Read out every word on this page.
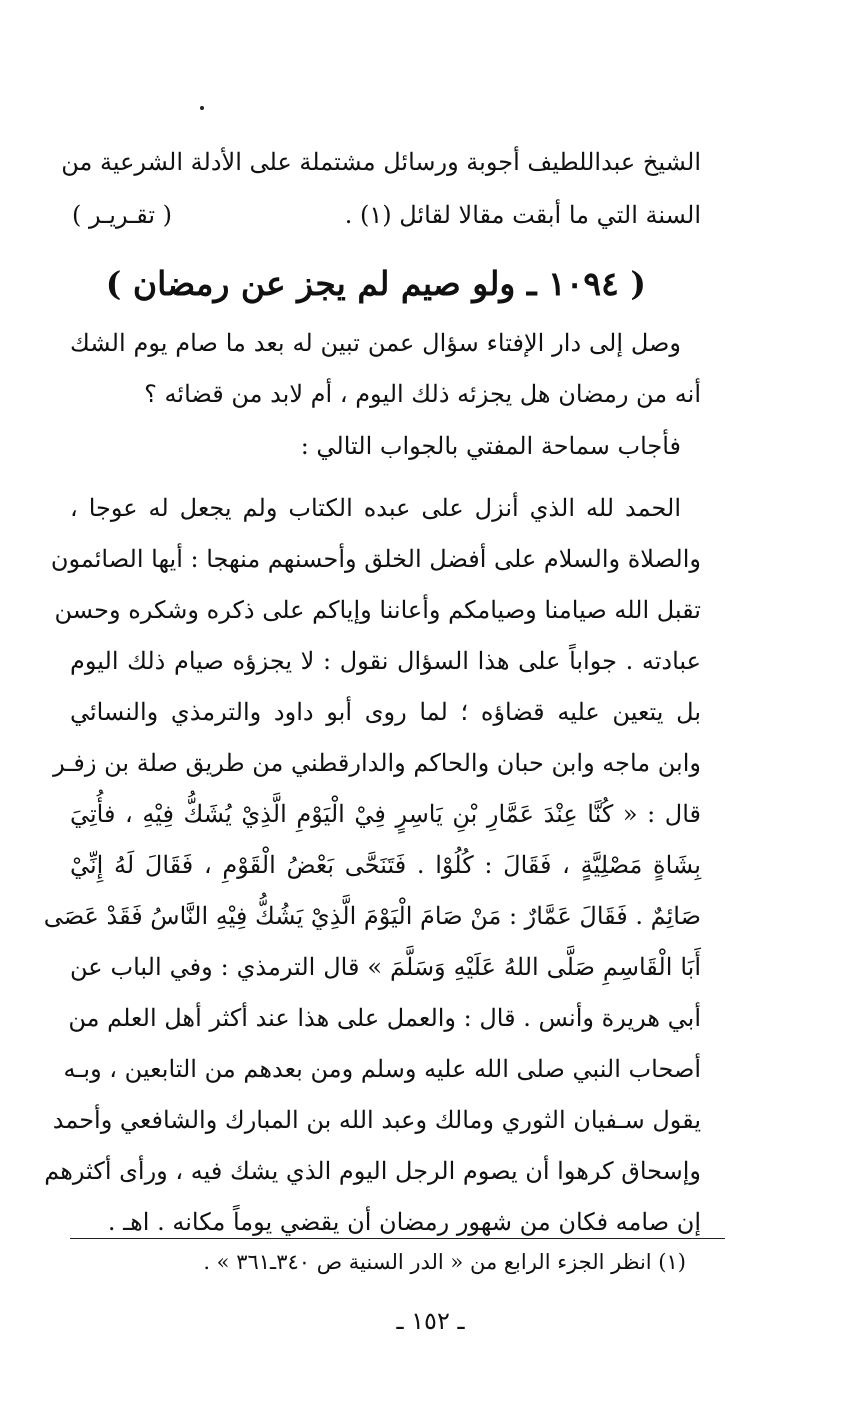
الشيخ عبداللطيف أجوبة ورسائل مشتملة على الأدلة الشرعية من
السنة التي ما أبقت مقالا لقائل (١) .
( تقـريـر )
( ١٠٩٤ ـ ولو صيم لم يجز عن رمضان )
وصل إلى دار الإفتاء سؤال عمن تبين له بعد ما صام يوم الشك
أنه من رمضان هل يجزئه ذلك اليوم ، أم لابد من قضائه ؟
فأجاب سماحة المفتي بالجواب التالي :
الحمد لله الذي أنزل على عبده الكتاب ولم يجعل له عوجا ،
والصلاة والسلام على أفضل الخلق وأحسنهم منهجا : أيها الصائمون
تقبل الله صيامنا وصيامكم وأعاننا وإياكم على ذكره وشكره وحسن
عبادته . جواباً على هذا السؤال نقول : لا يجزؤه صيام ذلك اليوم
بل يتعين عليه قضاؤه ؛ لما روى أبو داود والترمذي والنسائي
وابن ماجه وابن حبان والحاكم والدارقطني من طريق صلة بن زفـر
قال : « كُنَّا عِنْدَ عَمَّارِ بْنِ يَاسِرٍ فِيْ الْيَوْمِ الَّذِيْ يُشَكُّ فِيْهِ ، فأُتِيَ
بِشَاةٍ مَصْلِيَّةٍ ، فَقَالَ : كُلُوْا . فَتَنَحَّى بَعْضُ الْقَوْمِ ، فَقَالَ لَهُ إِنِّيْ
صَائِمٌ . فَقَالَ عَمَّارٌ : مَنْ صَامَ الْيَوْمَ الَّذِيْ يَشُكُّ فِيْهِ النَّاسُ فَقَدْ عَصَى
أَبَا الْقَاسِمِ صَلَّى اللهُ عَلَيْهِ وَسَلَّمَ » قال الترمذي : وفي الباب عن
أبي هريرة وأنس . قال : والعمل على هذا عند أكثر أهل العلم من
أصحاب النبي صلى الله عليه وسلم ومن بعدهم من التابعين ، وبـه
يقول سـفيان الثوري ومالك وعبد الله بن المبارك والشافعي وأحمد
وإسحاق كرهوا أن يصوم الرجل اليوم الذي يشك فيه ، ورأى أكثرهم
إن صامه فكان من شهور رمضان أن يقضي يوماً مكانه . اهـ .
(١) انظر الجزء الرابع من « الدر السنية ص ٣٤٠ـ٣٦١ » .
ـ ١٥٢ ـ
